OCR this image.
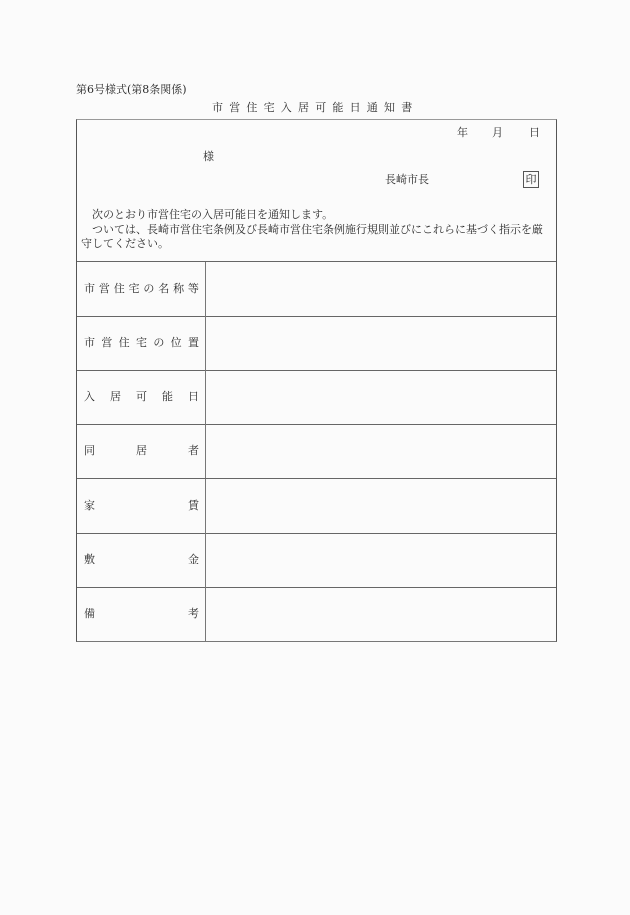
第6号様式(第8条関係)
市営住宅入居可能日通知書
年 月 日
様
長崎市長	印

次のとおり市営住宅の入居可能日を通知します。

ついては、長崎市営住宅条例及び長崎市営住宅条例施行規則並びにこれらに基づく指示を厳守してください。

市 営 住 宅 の 名 称 等
市 営 住 宅 の 位 置
入 居 可 能 日
同	居	者
家	賃
敷	金
備	考
